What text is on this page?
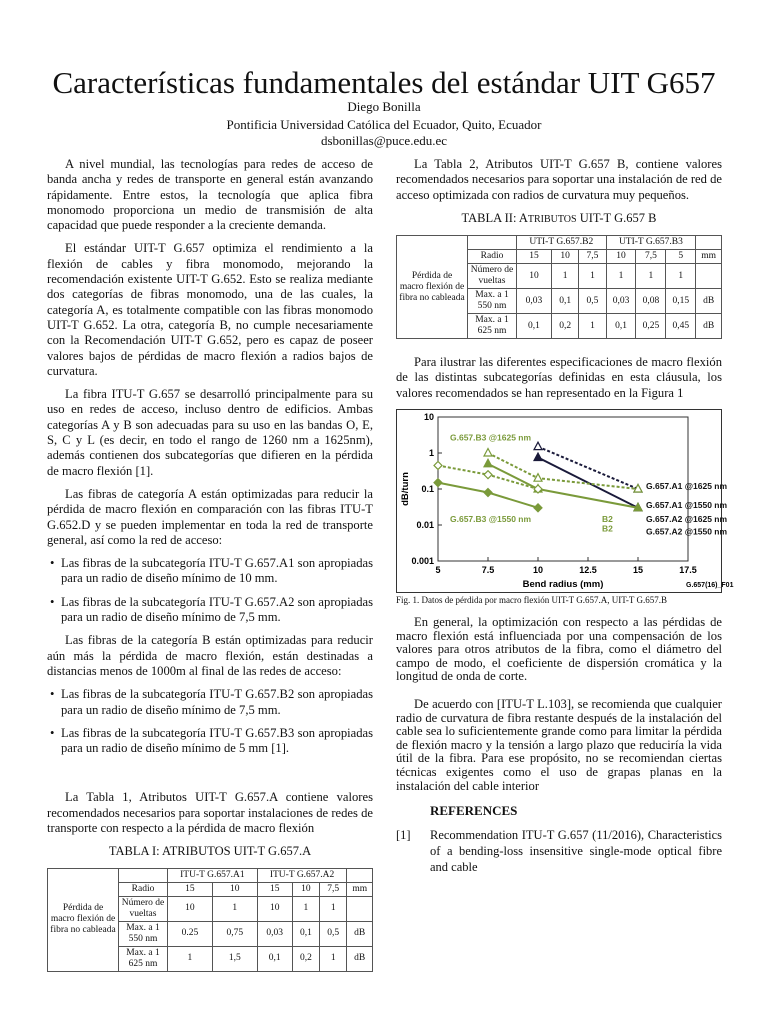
Características fundamentales del estándar UIT G657
Diego Bonilla
Pontificia Universidad Católica del Ecuador, Quito, Ecuador
dsbonillas@puce.edu.ec

A nivel mundial, las tecnologías para redes de acceso de banda ancha y redes de transporte en general están avanzando rápidamente. Entre estos, la tecnología que aplica fibra monomodo proporciona un medio de transmisión de alta capacidad que puede responder a la creciente demanda.

El estándar UIT-T G.657 optimiza el rendimiento a la flexión de cables y fibra monomodo, mejorando la recomendación existente UIT-T G.652. Esto se realiza mediante dos categorías de fibras monomodo, una de las cuales, la categoría A, es totalmente compatible con las fibras monomodo UIT-T G.652. La otra, categoría B, no cumple necesariamente con la Recomendación UIT-T G.652, pero es capaz de poseer valores bajos de pérdidas de macro flexión a radios bajos de curvatura.

La fibra ITU-T G.657 se desarrolló principalmente para su uso en redes de acceso, incluso dentro de edificios. Ambas categorías A y B son adecuadas para su uso en las bandas O, E, S, C y L (es decir, en todo el rango de 1260 nm a 1625nm), además contienen dos subcategorías que difieren en la pérdida de macro flexión [1].

Las fibras de categoría A están optimizadas para reducir la pérdida de macro flexión en comparación con las fibras ITU-T G.652.D y se pueden implementar en toda la red de transporte general, así como la red de acceso:

• Las fibras de la subcategoría ITU-T G.657.A1 son apropiadas para un radio de diseño mínimo de 10 mm.
• Las fibras de la subcategoría ITU-T G.657.A2 son apropiadas para un radio de diseño mínimo de 7,5 mm.

Las fibras de la categoría B están optimizadas para reducir aún más la pérdida de macro flexión, están destinadas a distancias menos de 1000m al final de las redes de acceso:

• Las fibras de la subcategoría ITU-T G.657.B2 son apropiadas para un radio de diseño mínimo de 7,5 mm.
• Las fibras de la subcategoría ITU-T G.657.B3 son apropiadas para un radio de diseño mínimo de 5 mm [1].

La Tabla 1, Atributos UIT-T G.657.A contiene valores recomendados necesarios para soportar instalaciones de redes de transporte con respecto a la pérdida de macro flexión

TABLA I: ATRIBUTOS UIT-T G.657.A
Pérdida de macro flexión de fibra no cableada		ITU-T G.657.A1		ITU-T G.657.A2			
	Radio	15	10	15	10	7,5	mm
	Número de vueltas	10	1	10	1	1	
	Max. a 1 550 nm	0.25	0,75	0,03	0,1	0,5	dB
	Max. a 1 625 nm	1	1,5	0,1	0,2	1	dB

La Tabla 2, Atributos UIT-T G.657 B, contiene valores recomendados necesarios para soportar una instalación de red de acceso optimizada con radios de curvatura muy pequeños.

TABLA II: ATRIBUTOS UIT-T G.657 B
Pérdida de macro flexión de fibra no cableada		UTI-T G.657.B2			UTI-T G.657.B3			
	Radio	15	10	7,5	10	7,5	5	mm
	Número de vueltas	10	1	1	1	1	1	
	Max. a 1 550 nm	0,03	0,1	0,5	0,03	0,08	0,15	dB
	Max. a 1 625 nm	0,1	0,2	1	0,1	0,25	0,45	dB

Para ilustrar las diferentes especificaciones de macro flexión de las distintas subcategorías definidas en esta cláusula, los valores recomendados se han representado en la Figura 1

10
1
0.1
0.01
0.001
5	7.5	10	12.5	15	17.5
Bend radius (mm)
dB/turn
G.657(16)_F01
G.657.B3 @1625 nm
G.657.B3 @1550 nm	B2
B2
G.657.A1 @1625 nm
G.657.A1 @1550 nm
G.657.A2 @1625 nm
G.657.A2 @1550 nm
Fig. 1. Datos de pérdida por macro flexión UIT-T G.657.A, UIT-T G.657.B

En general, la optimización con respecto a las pérdidas de macro flexión está influenciada por una compensación de los valores para otros atributos de la fibra, como el diámetro del campo de modo, el coeficiente de dispersión cromática y la longitud de onda de corte.

De acuerdo con [ITU-T L.103], se recomienda que cualquier radio de curvatura de fibra restante después de la instalación del cable sea lo suficientemente grande como para limitar la pérdida de flexión macro y la tensión a largo plazo que reduciría la vida útil de la fibra. Para ese propósito, no se recomiendan ciertas técnicas exigentes como el uso de grapas planas en la instalación del cable interior

REFERENCES
[1]	Recommendation ITU-T G.657 (11/2016), Characteristics of a bending-loss insensitive single-mode optical fibre and cable
